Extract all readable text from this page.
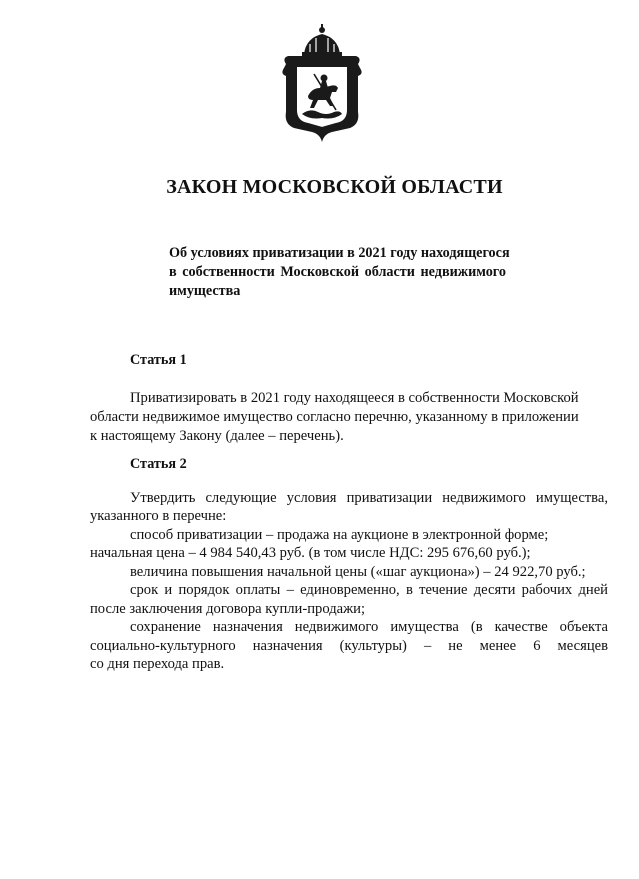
ЗАКОН МОСКОВСКОЙ ОБЛАСТИ
Об условиях приватизации в 2021 году находящегося
в собственности Московской области недвижимого
имущества
Статья 1
Приватизировать в 2021 году находящееся в собственности Московской
области недвижимое имущество согласно перечню, указанному в приложении
к настоящему Закону (далее – перечень).
Статья 2
Утвердить следующие условия приватизации недвижимого имущества,
указанного в перечне:
способ приватизации – продажа на аукционе в электронной форме;
начальная цена – 4 984 540,43 руб. (в том числе НДС: 295 676,60 руб.);
величина повышения начальной цены («шаг аукциона») – 24 922,70 руб.;
срок и порядок оплаты – единовременно, в течение десяти рабочих дней
после заключения договора купли-продажи;
сохранение назначения недвижимого имущества (в качестве объекта
социально-культурного назначения (культуры) – не менее 6 месяцев
со дня перехода прав.
